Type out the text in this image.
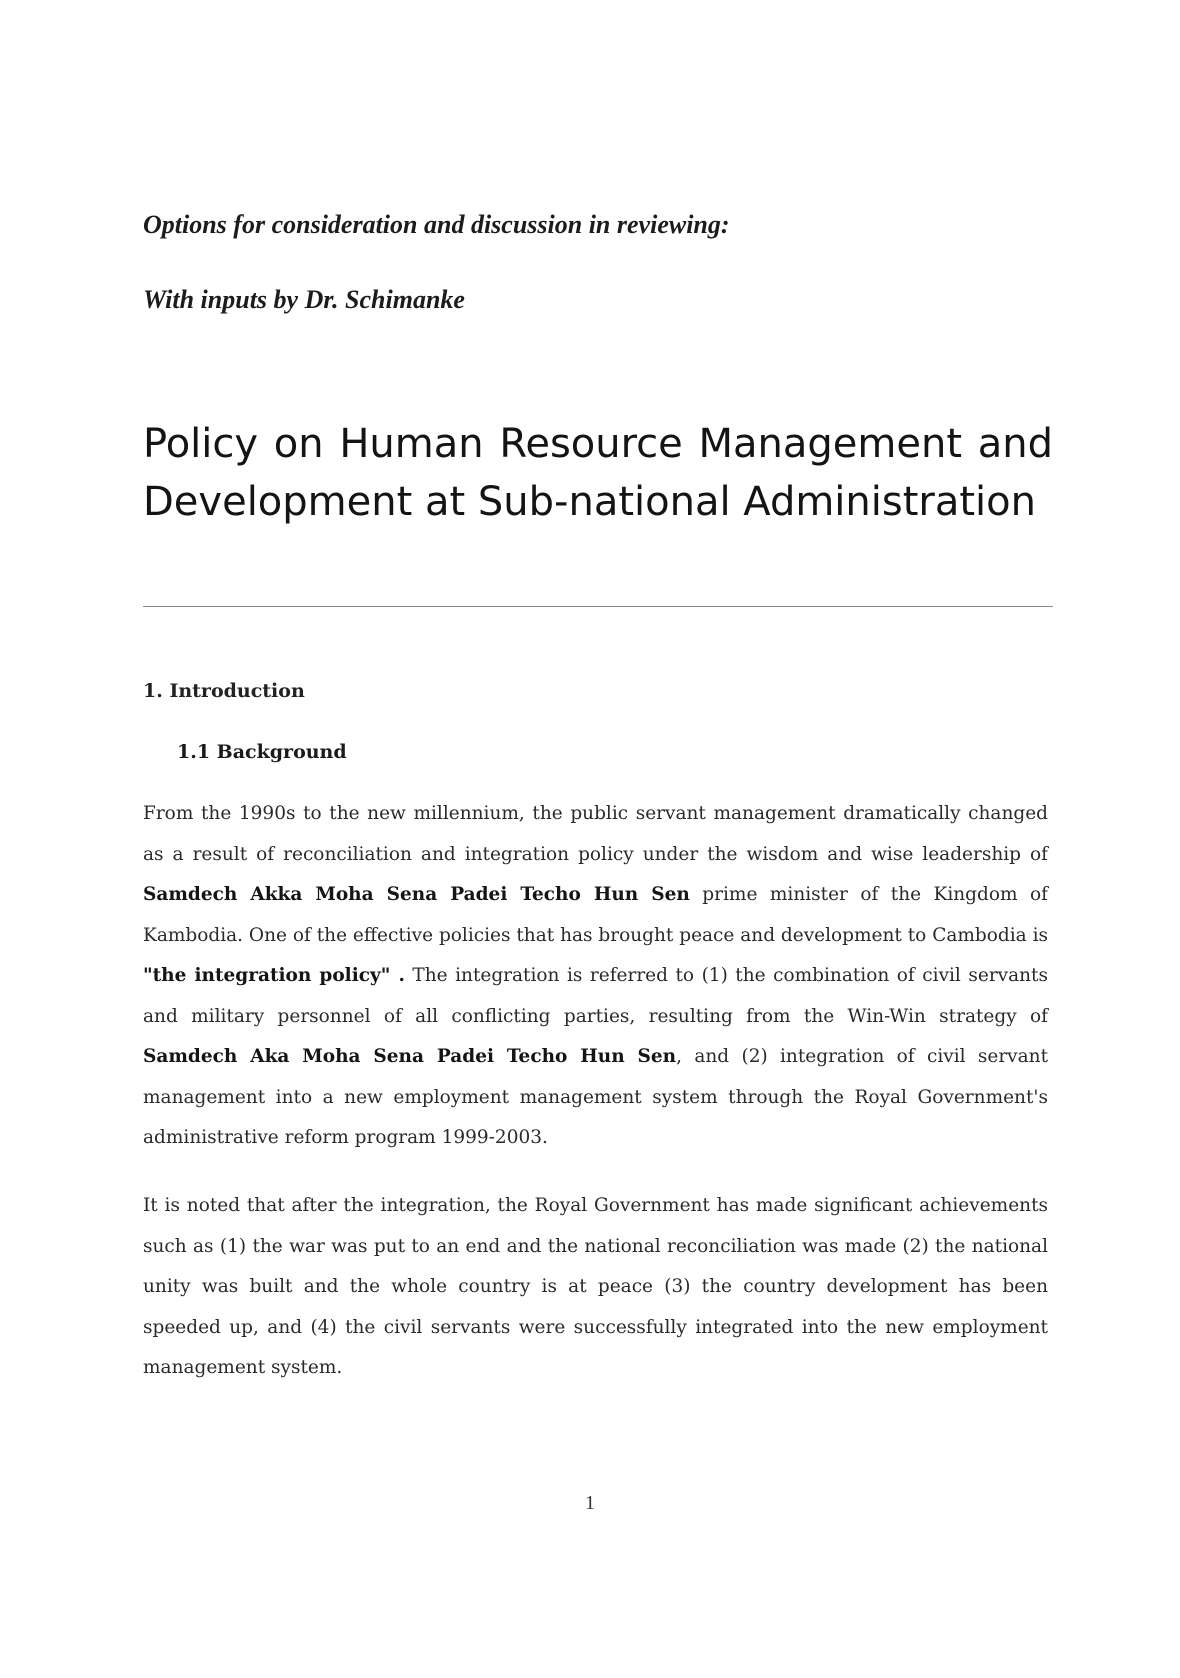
Options for consideration and discussion in reviewing:
With inputs by Dr. Schimanke
Policy on Human Resource Management and Development at Sub-national Administration
1. Introduction
1.1 Background

From the 1990s to the new millennium, the public servant management dramatically changed as a result of reconciliation and integration policy under the wisdom and wise leadership of Samdech Akka Moha Sena Padei Techo Hun Sen prime minister of the Kingdom of Kambodia. One of the effective policies that has brought peace and development to Cambodia is "the integration policy" . The integration is referred to (1) the combination of civil servants and military personnel of all conflicting parties, resulting from the Win-Win strategy of Samdech Aka Moha Sena Padei Techo Hun Sen, and (2) integration of civil servant management into a new employment management system through the Royal Government's administrative reform program 1999-2003.

It is noted that after the integration, the Royal Government has made significant achievements such as (1) the war was put to an end and the national reconciliation was made (2) the national unity was built and the whole country is at peace (3) the country development has been speeded up, and (4) the civil servants were successfully integrated into the new employment management system.

1
